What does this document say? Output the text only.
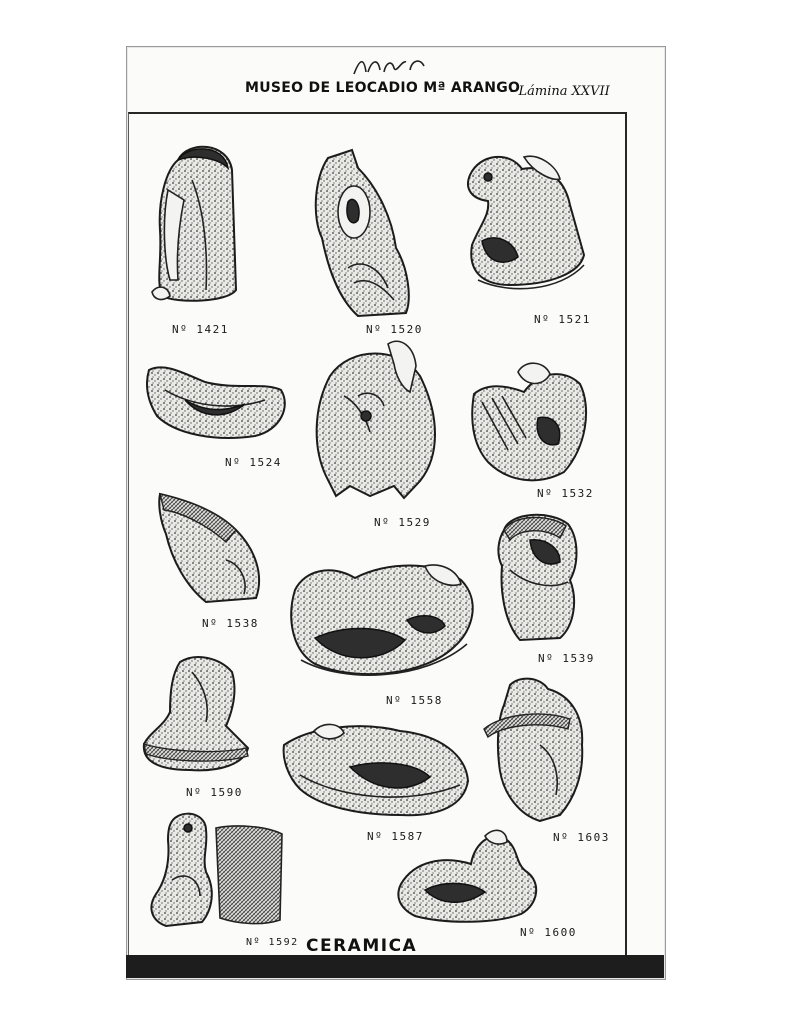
MUSEO DE LEOCADIO Mª ARANGO
- Lámina XXVII
Nº 1421	Nº 1520
Nº 1521
Nº 1524
Nº 1529
Nº 1532
Nº 1538
Nº 1558
Nº 1539
Nº 1590
Nº 1587	Nº 1603
Nº 1592
Nº 1600
CERAMICA
